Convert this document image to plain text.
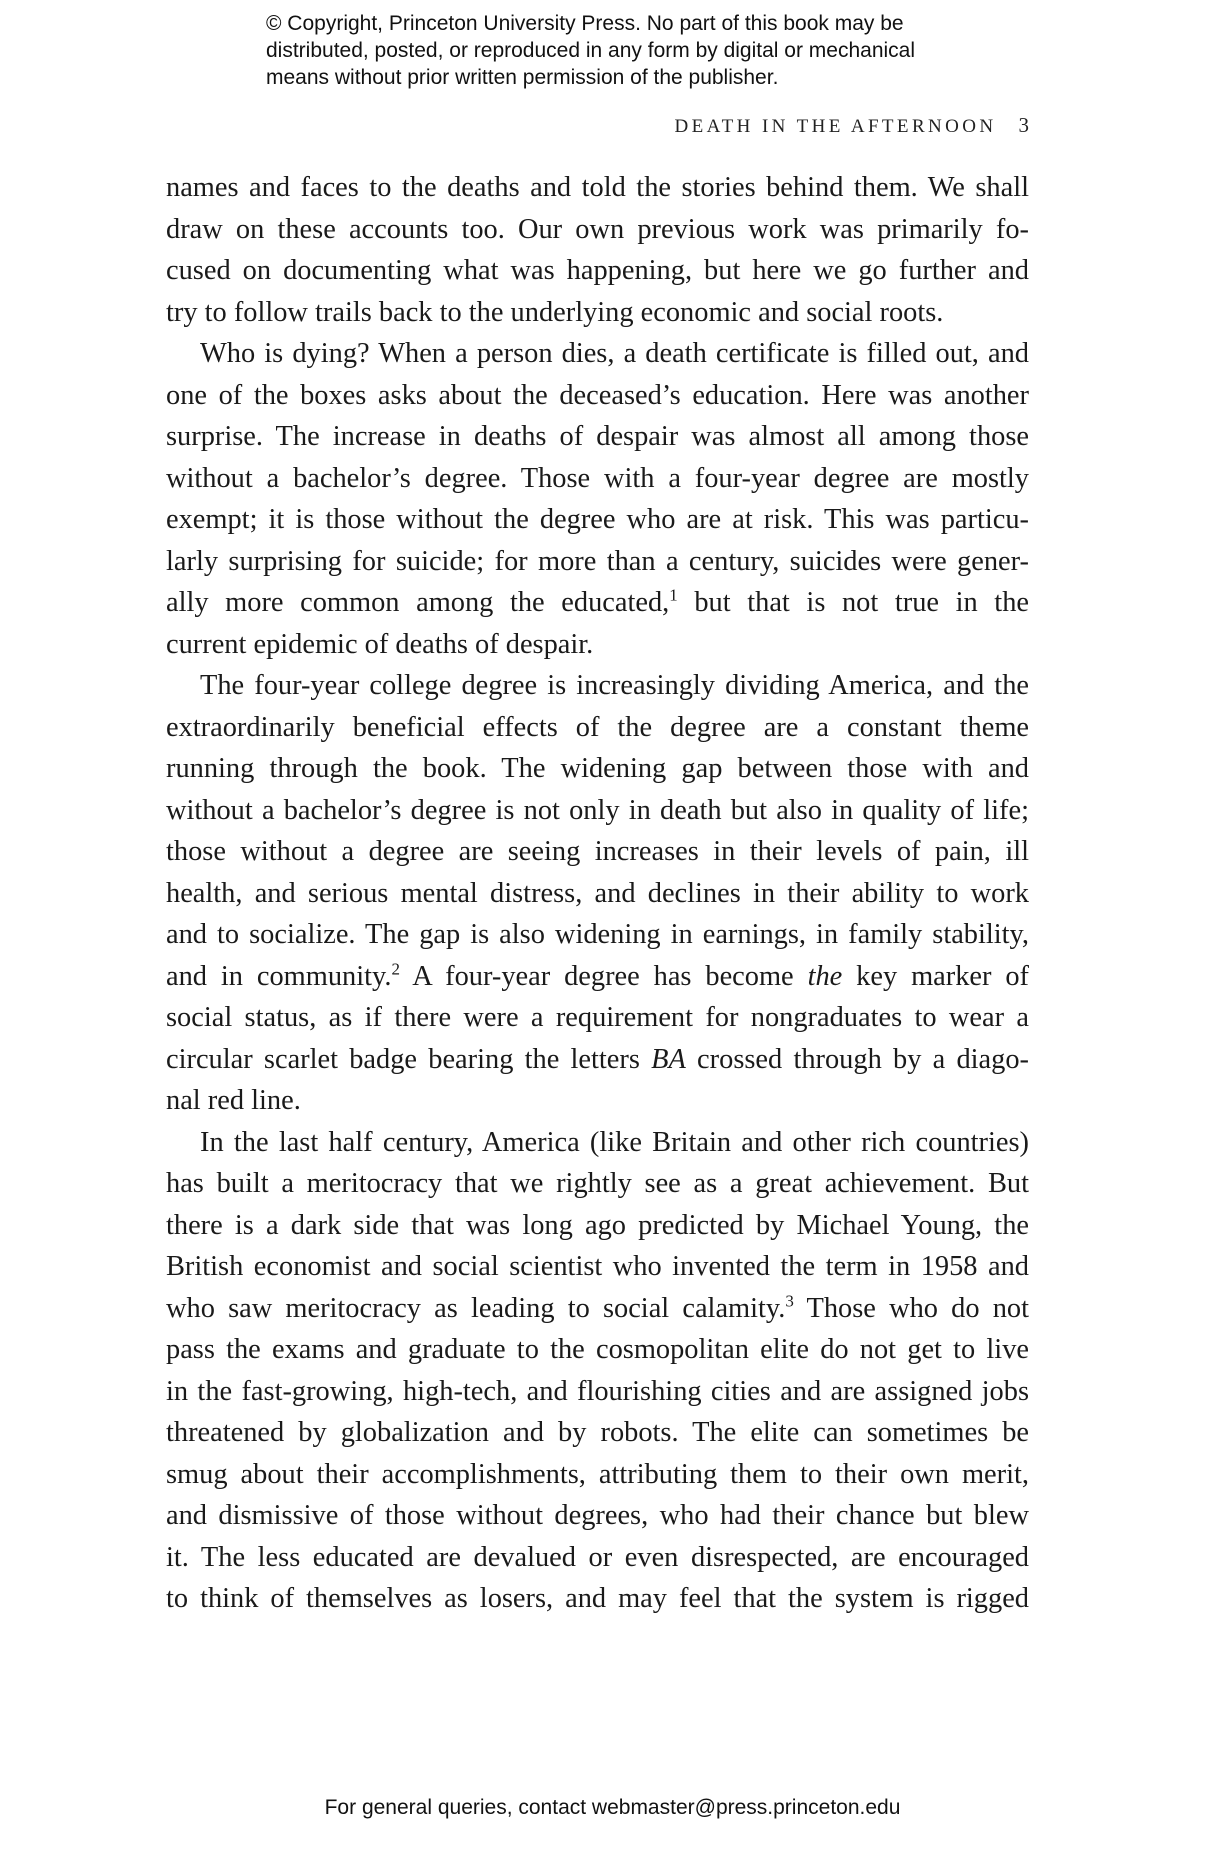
© Copyright, Princeton University Press. No part of this book may be

distributed, posted, or reproduced in any form by digital or mechanical

means without prior written permission of the publisher.

DEATH IN THE AFTERNOON 3
names and faces to the deaths and told the stories behind them. We shall
draw on these accounts too. Our own previous work was primarily fo-
cused on documenting what was happening, but here we go further and
try to follow trails back to the underlying economic and social roots.
Who is dying? When a person dies, a death certificate is filled out, and
one of the boxes asks about the deceased’s education. Here was another
surprise. The increase in deaths of despair was almost all among those
without a bachelor’s degree. Those with a four-year degree are mostly
exempt; it is those without the degree who are at risk. This was particu-
larly surprising for suicide; for more than a century, suicides were gener-
ally more common among the educated,$^1$ but that is not true in the
current epidemic of deaths of despair.
The four-year college degree is increasingly dividing America, and the
extraordinarily beneficial effects of the degree are a constant theme
running through the book. The widening gap between those with and
without a bachelor’s degree is not only in death but also in quality of life;
those without a degree are seeing increases in their levels of pain, ill
health, and serious mental distress, and declines in their ability to work
and to socialize. The gap is also widening in earnings, in family stability,
and in community.$^2$ A four-year degree has become the key marker of
social status, as if there were a requirement for nongraduates to wear a
circular scarlet badge bearing the letters BA crossed through by a diago-
nal red line.
In the last half century, America (like Britain and other rich countries)
has built a meritocracy that we rightly see as a great achievement. But
there is a dark side that was long ago predicted by Michael Young, the
British economist and social scientist who invented the term in 1958 and
who saw meritocracy as leading to social calamity.$^3$ Those who do not
pass the exams and graduate to the cosmopolitan elite do not get to live
in the fast-growing, high-tech, and flourishing cities and are assigned jobs
threatened by globalization and by robots. The elite can sometimes be
smug about their accomplishments, attributing them to their own merit,
and dismissive of those without degrees, who had their chance but blew
it. The less educated are devalued or even disrespected, are encouraged
to think of themselves as losers, and may feel that the system is rigged
For general queries, contact webmaster@press.princeton.edu
